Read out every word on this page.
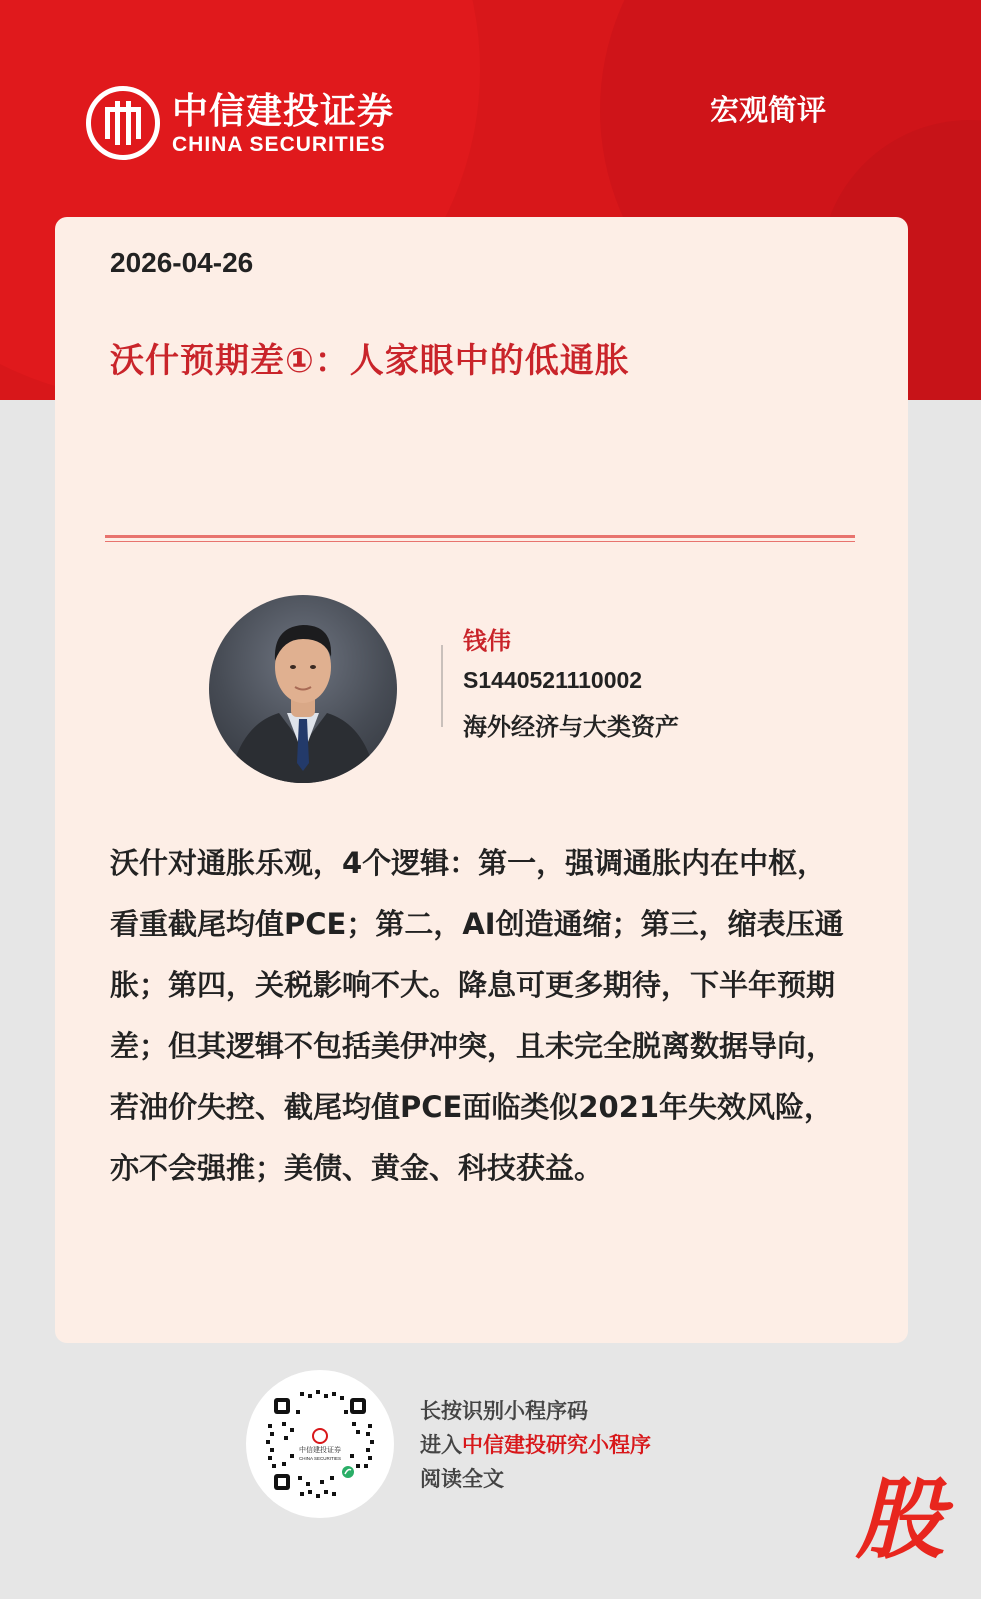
中信建投证券
CHINA SECURITIES
宏观简评
2026-04-26
沃什预期差①：人家眼中的低通胀
钱伟
S1440521110002
海外经济与大类资产
沃什对通胀乐观，4个逻辑：第一，强调通胀内在中枢，看重截尾均值PCE；第二，AI创造通缩；第三，缩表压通胀；第四，关税影响不大。降息可更多期待，下半年预期差；但其逻辑不包括美伊冲突，且未完全脱离数据导向，若油价失控、截尾均值PCE面临类似2021年失效风险，亦不会强推；美债、黄金、科技获益。
中信建投证券
CHINA SECURITIES
长按识别小程序码
进入中信建投研究小程序
阅读全文	股
